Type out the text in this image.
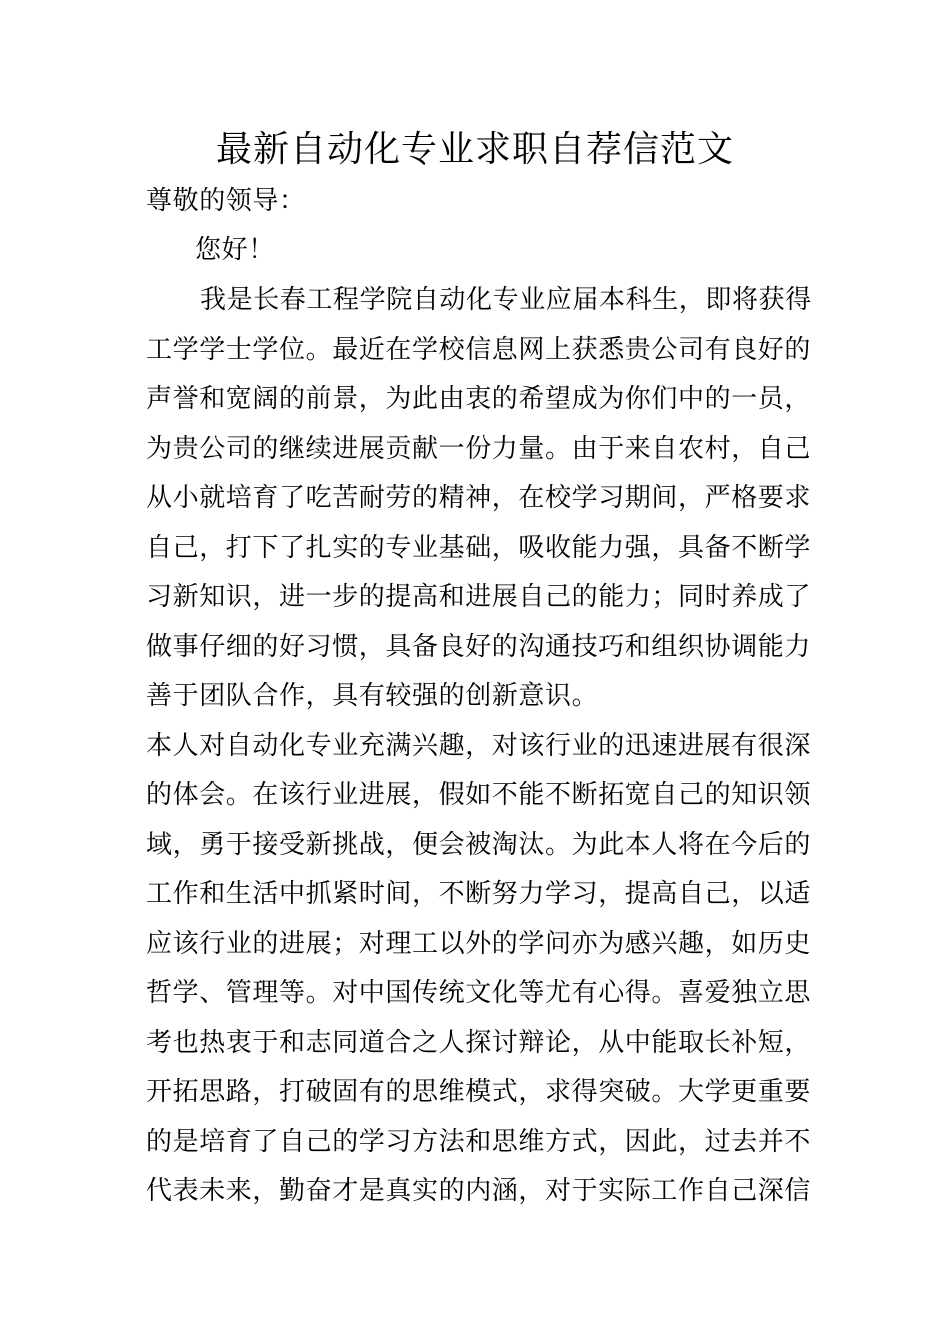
最新自动化专业求职自荐信范文
尊敬的领导：
您好！
我是长春工程学院自动化专业应届本科生，即将获得
工学学士学位。最近在学校信息网上获悉贵公司有良好的
声誉和宽阔的前景，为此由衷的希望成为你们中的一员，
为贵公司的继续进展贡献一份力量。由于来自农村，自己
从小就培育了吃苦耐劳的精神，在校学习期间，严格要求
自己，打下了扎实的专业基础，吸收能力强，具备不断学
习新知识，进一步的提高和进展自己的能力；同时养成了
做事仔细的好习惯，具备良好的沟通技巧和组织协调能力
善于团队合作，具有较强的创新意识。
本人对自动化专业充满兴趣，对该行业的迅速进展有很深
的体会。在该行业进展，假如不能不断拓宽自己的知识领
域，勇于接受新挑战，便会被淘汰。为此本人将在今后的
工作和生活中抓紧时间，不断努力学习，提高自己，以适
应该行业的进展；对理工以外的学问亦为感兴趣，如历史
哲学、管理等。对中国传统文化等尤有心得。喜爱独立思
考也热衷于和志同道合之人探讨辩论，从中能取长补短，
开拓思路，打破固有的思维模式，求得突破。大学更重要
的是培育了自己的学习方法和思维方式，因此，过去并不
代表未来，勤奋才是真实的内涵，对于实际工作自己深信
